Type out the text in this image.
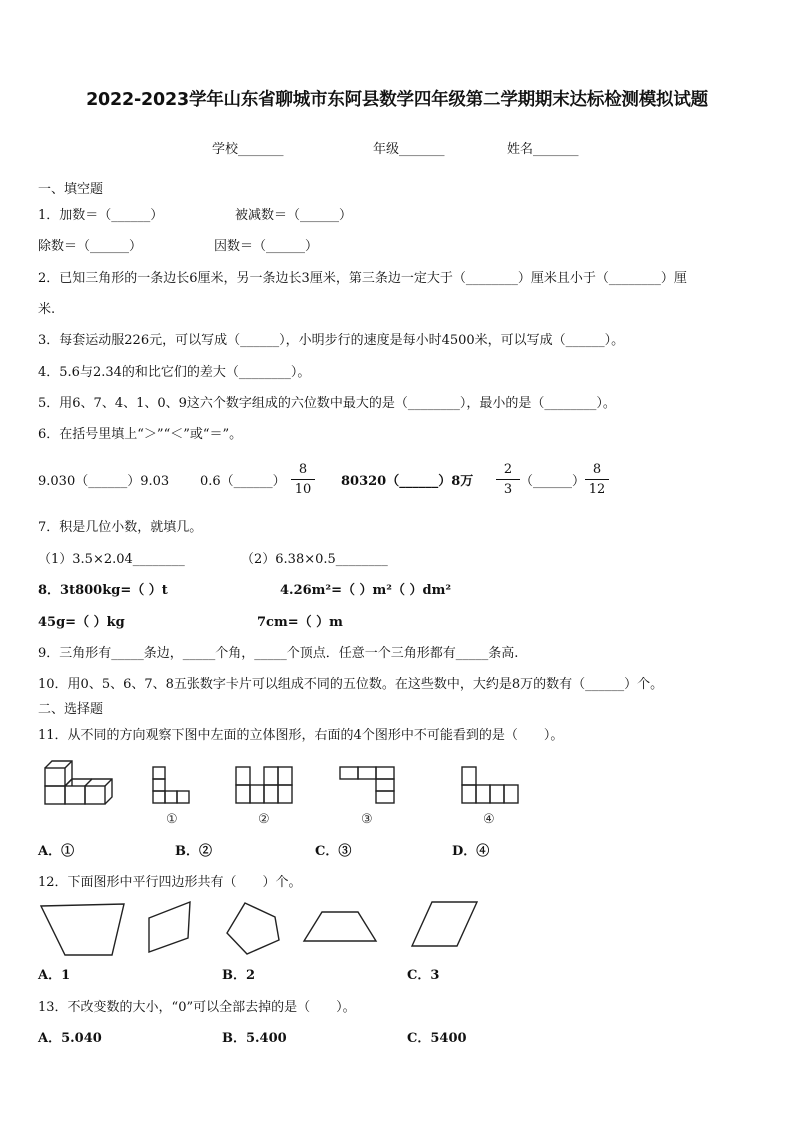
2022-2023学年山东省聊城市东阿县数学四年级第二学期期末达标检测模拟试题
学校_______	年级_______	姓名_______
一、填空题
1．加数＝（______）	被减数＝（______）
除数＝（______）	因数＝（______）
2．已知三角形的一条边长6厘米，另一条边长3厘米，第三条边一定大于（________）厘米且小于（________）厘
米.
3．每套运动服226元，可以写成（______），小明步行的速度是每小时4500米，可以写成（______）。
4．5.6与2.34的和比它们的差大（________）。
5．用6、7、4、1、0、9这六个数字组成的六位数中最大的是（________），最小的是（________）。
6．在括号里填上“＞”“＜”或“＝”。
9.030（______）9.03 0.6（______）
8
10
80320（______）8万
2
3
（______）
8
12
7．积是几位小数，就填几。
（1）3.5×2.04________	（2）6.38×0.5________
8．3t800kg=（ ）t	4.26m²=（ ）m²（ ）dm²
45g=（ ）kg	7cm=（ ）m
9．三角形有_____条边，_____个角，_____个顶点．任意一个三角形都有_____条高.
10．用0、5、6、7、8五张数字卡片可以组成不同的五位数。在这些数中，大约是8万的数有（______）个。
二、选择题
11．从不同的方向观察下图中左面的立体图形，右面的4个图形中不可能看到的是（　　）。
①	②	③	④
A．①	B．②	C．③	D．④
12．下面图形中平行四边形共有（　　）个。
A．1	B．2	C．3
13．不改变数的大小，“0”可以全部去掉的是（　　）。
A．5.040	B．5.400	C．5400
